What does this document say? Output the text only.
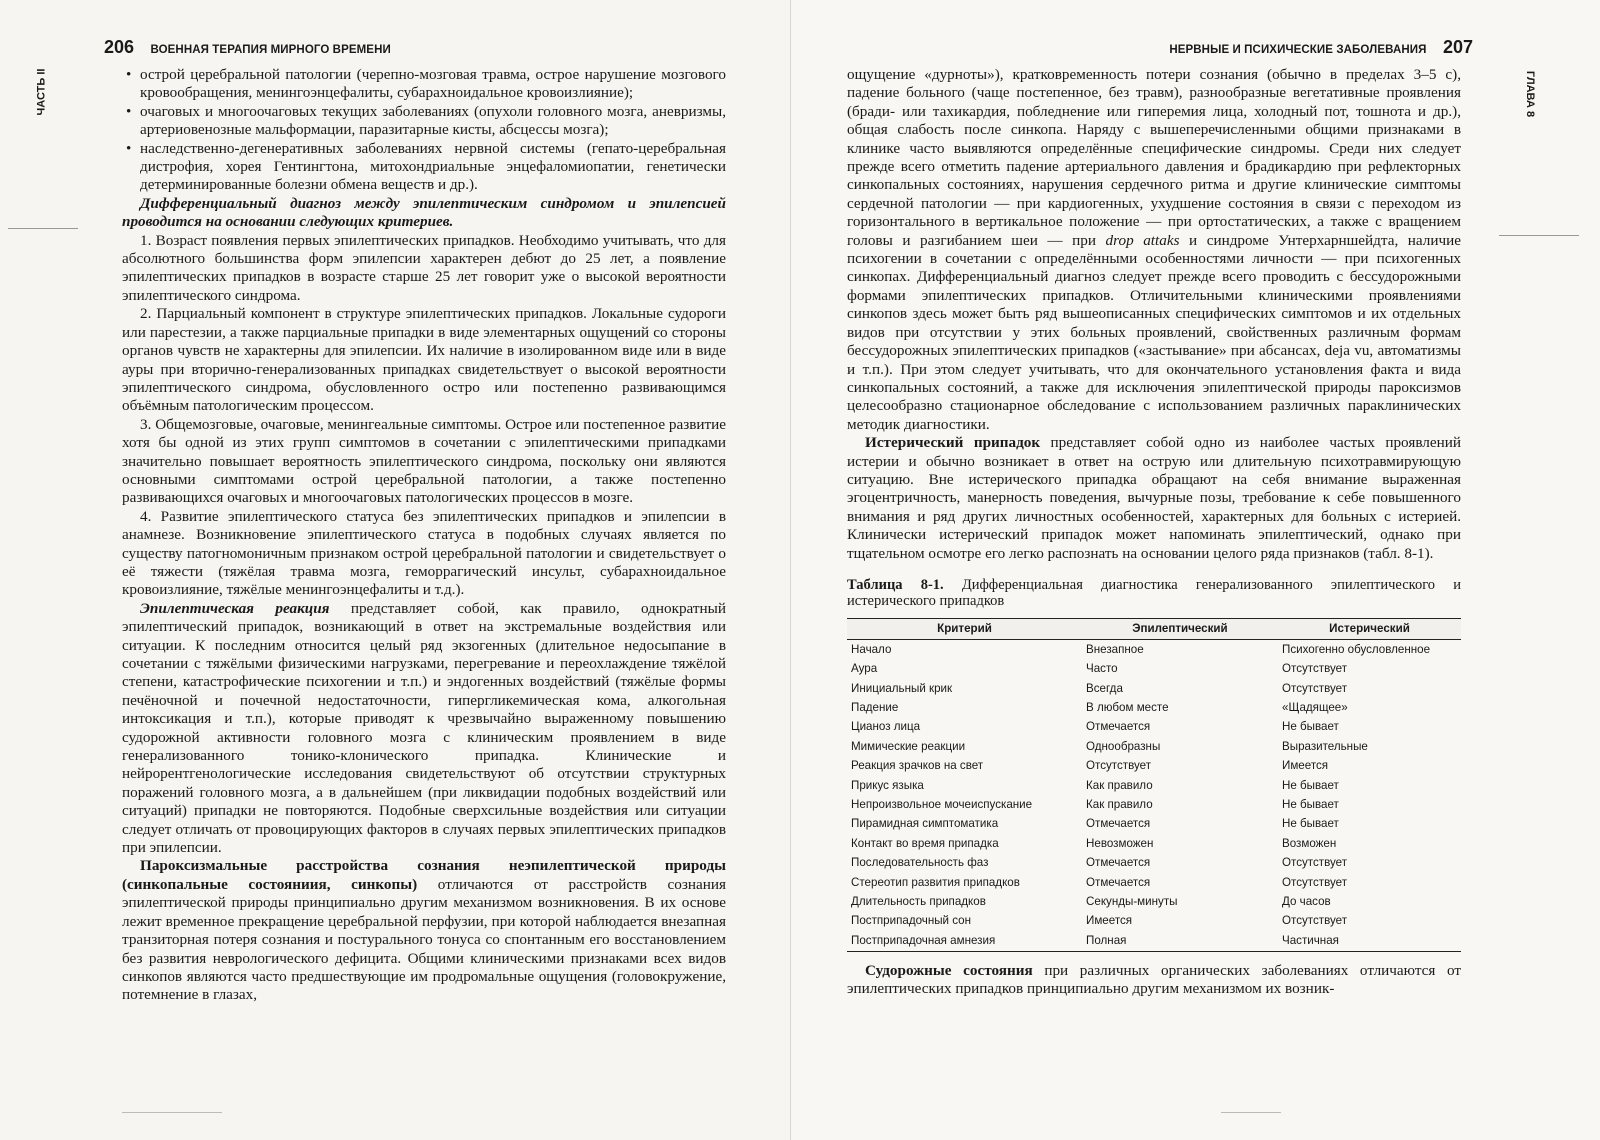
206 ВОЕННАЯ ТЕРАПИЯ МИРНОГО ВРЕМЕНИ
ЧАСТЬ II	• острой церебральной патологии (черепно-мозговая травма, острое нарушение мозгового кровообращения, менингоэнцефалиты, субарахноидальное кровоизлияние);
• очаговых и многоочаговых текущих заболеваниях (опухоли головного мозга, аневризмы, артериовенозные мальформации, паразитарные кисты, абсцессы мозга);
• наследственно-дегенеративных заболеваниях нервной системы (гепато-церебральная дистрофия, хорея Гентингтона, митохондриальные энцефаломиопатии, генетически детерминированные болезни обмена веществ и др.).

Дифференциальный диагноз между эпилептическим синдромом и эпилепсией проводится на основании следующих критериев.

1. Возраст появления первых эпилептических припадков. Необходимо учитывать, что для абсолютного большинства форм эпилепсии характерен дебют до 25 лет, а появление эпилептических припадков в возрасте старше 25 лет говорит уже о высокой вероятности эпилептического синдрома.

2. Парциальный компонент в структуре эпилептических припадков. Локальные судороги или парестезии, а также парциальные припадки в виде элементарных ощущений со стороны органов чувств не характерны для эпилепсии. Их наличие в изолированном виде или в виде ауры при вторично-генерализованных припадках свидетельствует о высокой вероятности эпилептического синдрома, обусловленного остро или постепенно развивающимся объёмным патологическим процессом.

3. Общемозговые, очаговые, менингеальные симптомы. Острое или постепенное развитие хотя бы одной из этих групп симптомов в сочетании с эпилептическими припадками значительно повышает вероятность эпилептического синдрома, поскольку они являются основными симптомами острой церебральной патологии, а также постепенно развивающихся очаговых и многоочаговых патологических процессов в мозге.

4. Развитие эпилептического статуса без эпилептических припадков и эпилепсии в анамнезе. Возникновение эпилептического статуса в подобных случаях является по существу патогномоничным признаком острой церебральной патологии и свидетельствует о её тяжести (тяжёлая травма мозга, геморрагический инсульт, субарахноидальное кровоизлияние, тяжёлые менингоэнцефалиты и т.д.).

Эпилептическая реакция представляет собой, как правило, однократный эпилептический припадок, возникающий в ответ на экстремальные воздействия или ситуации. К последним относится целый ряд экзогенных (длительное недосыпание в сочетании с тяжёлыми физическими нагрузками, перегревание и переохлаждение тяжёлой степени, катастрофические психогении и т.п.) и эндогенных воздействий (тяжёлые формы печёночной и почечной недостаточности, гипергликемическая кома, алкогольная интоксикация и т.п.), которые приводят к чрезвычайно выраженному повышению судорожной активности головного мозга с клиническим проявлением в виде генерализованного тонико-клонического припадка. Клинические и нейрорентгенологические исследования свидетельствуют об отсутствии структурных поражений головного мозга, а в дальнейшем (при ликвидации подобных воздействий или ситуаций) припадки не повторяются. Подобные сверхсильные воздействия или ситуации следует отличать от провоцирующих факторов в случаях первых эпилептических припадков при эпилепсии.

Пароксизмальные расстройства сознания неэпилептической природы (синкопальные состояниия, синкопы) отличаются от расстройств сознания эпилептической природы принципиально другим механизмом возникновения. В их основе лежит временное прекращение церебральной перфузии, при которой наблюдается внезапная транзиторная потеря сознания и постурального тонуса со спонтанным его восстановлением без развития неврологического дефицита. Общими клиническими признаками всех видов синкопов являются часто предшествующие им продромальные ощущения (головокружение, потемнение в глазах,

НЕРВНЫЕ И ПСИХИЧЕСКИЕ ЗАБОЛЕВАНИЯ 207
ГЛАВА 8

ощущение «дурноты»), кратковременность потери сознания (обычно в пределах 3–5 с), падение больного (чаще постепенное, без травм), разнообразные вегетативные проявления (бради- или тахикардия, побледнение или гиперемия лица, холодный пот, тошнота и др.), общая слабость после синкопа. Наряду с вышеперечисленными общими признаками в клинике часто выявляются определённые специфические синдромы. Среди них следует прежде всего отметить падение артериального давления и брадикардию при рефлекторных синкопальных состояниях, нарушения сердечного ритма и другие клинические симптомы сердечной патологии — при кардиогенных, ухудшение состояния в связи с переходом из горизонтального в вертикальное положение — при ортостатических, а также с вращением головы и разгибанием шеи — при drop attaks и синдроме Унтерхарншейдта, наличие психогении в сочетании с определёнными особенностями личности — при психогенных синкопах. Дифференциальный диагноз следует прежде всего проводить с бессудорожными формами эпилептических припадков. Отличительными клиническими проявлениями синкопов здесь может быть ряд вышеописанных специфических симптомов и их отдельных видов при отсутствии у этих больных проявлений, свойственных различным формам бессудорожных эпилептических припадков («застывание» при абсансах, deja vu, автоматизмы и т.п.). При этом следует учитывать, что для окончательного установления факта и вида синкопальных состояний, а также для исключения эпилептической природы пароксизмов целесообразно стационарное обследование с использованием различных параклинических методик диагностики.

Истерический припадок представляет собой одно из наиболее частых проявлений истерии и обычно возникает в ответ на острую или длительную психотравмирующую ситуацию. Вне истерического припадка обращают на себя внимание выраженная эгоцентричность, манерность поведения, вычурные позы, требование к себе повышенного внимания и ряд других личностных особенностей, характерных для больных с истерией. Клинически истерический припадок может напоминать эпилептический, однако при тщательном осмотре его легко распознать на основании целого ряда признаков (табл. 8-1).

Таблица 8-1. Дифференциальная диагностика генерализованного эпилептического и истерического припадков

Критерий	Эпилептический	Истерический
Начало	Внезапное	Психогенно обусловленное
Аура	Часто	Отсутствует
Инициальный крик	Всегда	Отсутствует
Падение	В любом месте	«Щадящее»
Цианоз лица	Отмечается	Не бывает
Мимические реакции	Однообразны	Выразительные
Реакция зрачков на свет	Отсутствует	Имеется
Прикус языка	Как правило	Не бывает
Непроизвольное мочеиспускание	Как правило	Не бывает
Пирамидная симптоматика	Отмечается	Не бывает
Контакт во время припадка	Невозможен	Возможен
Последовательность фаз	Отмечается	Отсутствует
Стереотип развития припадков	Отмечается	Отсутствует
Длительность припадков	Секунды-минуты	До часов
Постприпадочный сон	Имеется	Отсутствует
Постприпадочная амнезия	Полная	Частичная

Судорожные состояния при различных органических заболеваниях отличаются от эпилептических припадков принципиально другим механизмом их возник-
